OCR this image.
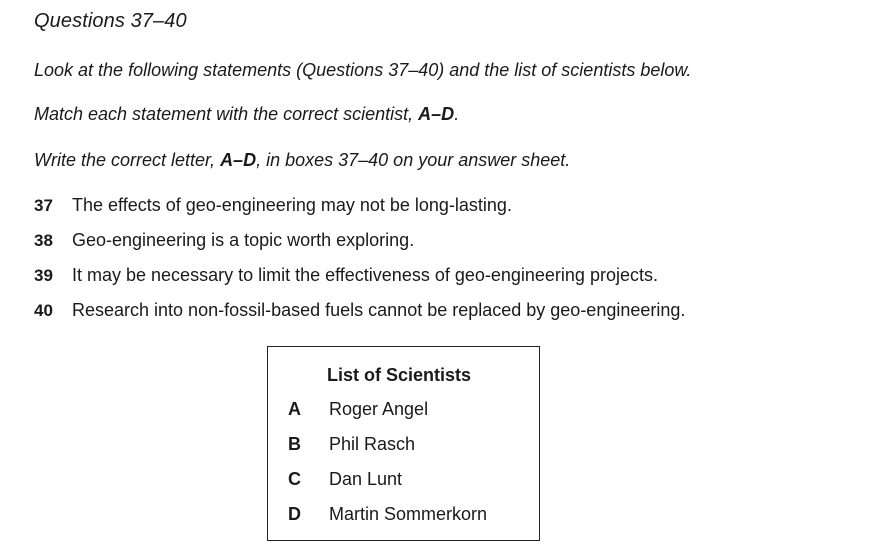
Questions 37–40
Look at the following statements (Questions 37–40) and the list of scientists below.
Match each statement with the correct scientist, A–D.
Write the correct letter, A–D, in boxes 37–40 on your answer sheet.
37	The effects of geo-engineering may not be long-lasting.
38	Geo-engineering is a topic worth exploring.
39	It may be necessary to limit the effectiveness of geo-engineering projects.
40	Research into non-fossil-based fuels cannot be replaced by geo-engineering.
List of Scientists
A Roger Angel
B Phil Rasch
C Dan Lunt
D Martin Sommerkorn
